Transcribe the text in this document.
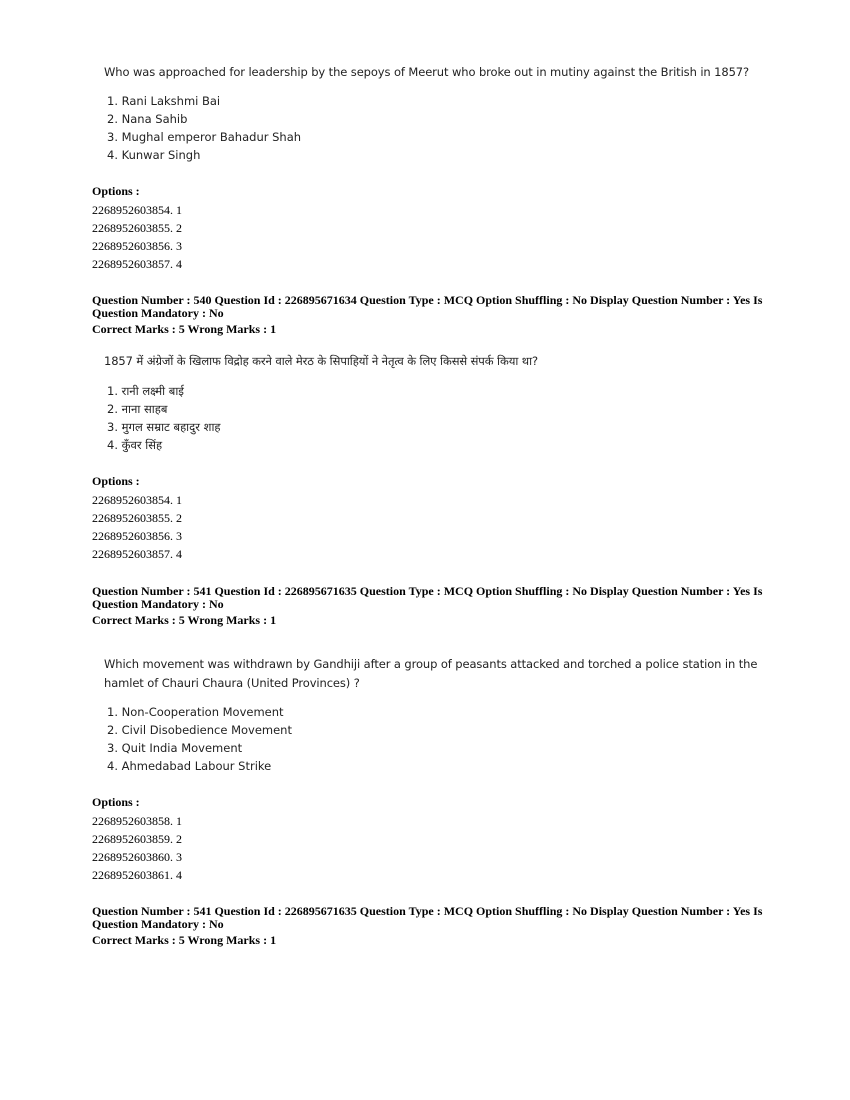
Who was approached for leadership by the sepoys of Meerut who broke out in mutiny against the British in 1857?
1. Rani Lakshmi Bai
2. Nana Sahib
3. Mughal emperor Bahadur Shah
4. Kunwar Singh
Options :
2268952603854. 1
2268952603855. 2
2268952603856. 3
2268952603857. 4
Question Number : 540 Question Id : 226895671634 Question Type : MCQ Option Shuffling : No Display Question Number : Yes Is
Question Mandatory : No
Correct Marks : 5 Wrong Marks : 1
1857 में अंग्रेजों के खिलाफ विद्रोह करने वाले मेरठ के सिपाहियों ने नेतृत्व के लिए किससे संपर्क किया था?
1. रानी लक्ष्मी बाई
2. नाना साहब
3. मुगल सम्राट बहादुर शाह
4. कुँवर सिंह
Options :
2268952603854. 1
2268952603855. 2
2268952603856. 3
2268952603857. 4
Question Number : 541 Question Id : 226895671635 Question Type : MCQ Option Shuffling : No Display Question Number : Yes Is
Question Mandatory : No
Correct Marks : 5 Wrong Marks : 1
Which movement was withdrawn by Gandhiji after a group of peasants attacked and torched a police station in the
hamlet of Chauri Chaura (United Provinces) ?
1. Non-Cooperation Movement
2. Civil Disobedience Movement
3. Quit India Movement
4. Ahmedabad Labour Strike
Options :
2268952603858. 1
2268952603859. 2
2268952603860. 3
2268952603861. 4
Question Number : 541 Question Id : 226895671635 Question Type : MCQ Option Shuffling : No Display Question Number : Yes Is
Question Mandatory : No
Correct Marks : 5 Wrong Marks : 1
